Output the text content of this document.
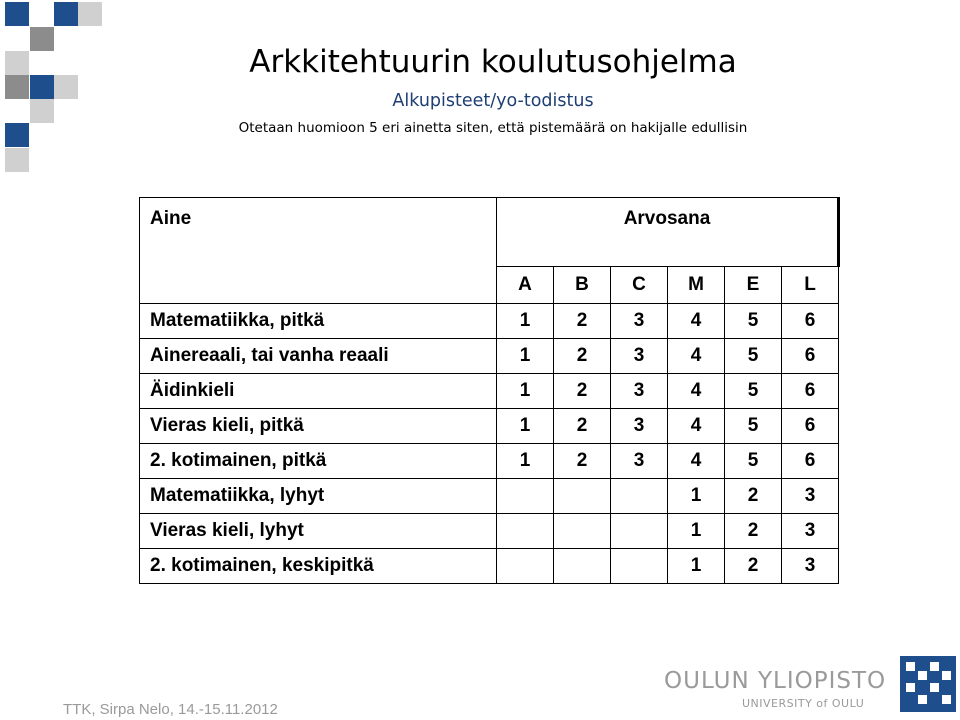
Arkkitehtuurin koulutusohjelma
Alkupisteet/yo-todistus
Otetaan huomioon 5 eri ainetta siten, että pistemäärä on hakijalle edullisin
Aine	Arvosana					
	A	B	C	M	E	L
Matematiikka, pitkä	1	2	3	4	5	6
Ainereaali, tai vanha reaali	1	2	3	4	5	6
Äidinkieli	1	2	3	4	5	6
Vieras kieli, pitkä	1	2	3	4	5	6
2. kotimainen, pitkä	1	2	3	4	5	6
Matematiikka, lyhyt				1	2	3
Vieras kieli, lyhyt				1	2	3
2. kotimainen, keskipitkä				1	2	3
TTK, Sirpa Nelo, 14.-15.11.2012
OULUN YLIOPISTO
UNIVERSITY of OULU
